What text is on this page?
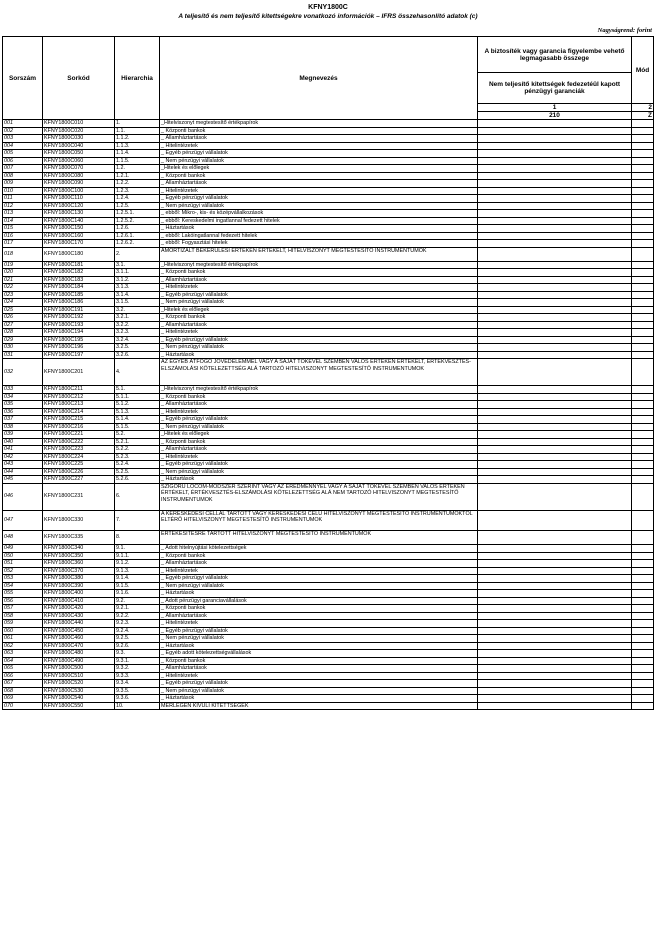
KFNY1800C
A teljesítő és nem teljesítő kitettségekre vonatkozó információk – IFRS összehasonlító adatok (c)
Nagyságrend: forint
Sorszám	Sorkód	Hierarchia	Megnevezés	A biztosíték vagy garancia figyelembe vehető legmagasabb összege	Mód
				Nem teljesítő kitettségek fedezetéül kapott pénzügyi garanciák	
				1	2
				210	Z
001	KFNY1800C010	1.	_Hitelviszonyt megtestesítő értékpapírok		
002	KFNY1800C020	1.1.	_ Központi bankok		
003	KFNY1800C030	1.1.2.	_ Államháztartások		
004	KFNY1800C040	1.1.3.	_ Hitelintézetek		
005	KFNY1800C050	1.1.4.	_ Egyéb pénzügyi vállalatok		
006	KFNY1800C060	1.1.5.	_ Nem pénzügyi vállalatok		
007	KFNY1800C070	1.2.	_Hitelek és előlegek		
008	KFNY1800C080	1.2.1.	_ Központi bankok		
009	KFNY1800C090	1.2.2.	_ Államháztartások		
010	KFNY1800C100	1.2.3.	_ Hitelintézetek		
011	KFNY1800C110	1.2.4.	_ Egyéb pénzügyi vállalatok		
012	KFNY1800C120	1.2.5.	_ Nem pénzügyi vállalatok		
013	KFNY1800C130	1.2.5.1.	_ ebből: Mikro-, kis- és középvállalkozások		
014	KFNY1800C140	1.2.5.2.	_ ebből: Kereskedelmi ingatlannal fedezett hitelek		
015	KFNY1800C150	1.2.6.	_ Háztartások		
016	KFNY1800C160	1.2.6.1.	_ ebből: Lakóingatlannal fedezett hitelek		
017	KFNY1800C170	1.2.6.2.	_ ebből: Fogyasztási hitelek		
018	KFNY1800C180	2.	AMORTIZÁLT BEKERÜLÉSI ÉRTÉKEN ÉRTÉKELT, HITELVISZONYT MEGTESTESÍTŐ INSTRUMENTUMOK		
019	KFNY1800C181	3.1.	_Hitelviszonyt megtestesítő értékpapírok		
020	KFNY1800C182	3.1.1.	_ Központi bankok		
021	KFNY1800C183	3.1.2.	_ Államháztartások		
022	KFNY1800C184	3.1.3.	_ Hitelintézetek		
023	KFNY1800C185	3.1.4.	_ Egyéb pénzügyi vállalatok		
024	KFNY1800C186	3.1.5.	_ Nem pénzügyi vállalatok		
025	KFNY1800C191	3.2.	_Hitelek és előlegek		
026	KFNY1800C192	3.2.1.	_ Központi bankok		
027	KFNY1800C193	3.2.2.	_ Államháztartások		
028	KFNY1800C194	3.2.3.	_ Hitelintézetek		
029	KFNY1800C195	3.2.4.	_ Egyéb pénzügyi vállalatok		
030	KFNY1800C196	3.2.5.	_ Nem pénzügyi vállalatok		
031	KFNY1800C197	3.2.6.	_ Háztartások		
032	KFNY1800C201	4.	AZ EGYÉB ÁTFOGÓ JÖVEDELEMMEL VAGY A SAJÁT TŐKÉVEL SZEMBEN VALÓS ÉRTÉKEN ÉRTÉKELT, ÉRTÉKVESZTÉS-ELSZÁMOLÁSI KÖTELEZETTSÉG ALÁ TARTOZÓ HITELVISZONYT MEGTESTESÍTŐ INSTRUMENTUMOK		
033	KFNY1800C211	5.1.	_Hitelviszonyt megtestesítő értékpapírok		
034	KFNY1800C212	5.1.1.	_ Központi bankok		
035	KFNY1800C213	5.1.2.	_ Államháztartások		
036	KFNY1800C214	5.1.3.	_ Hitelintézetek		
037	KFNY1800C215	5.1.4.	_ Egyéb pénzügyi vállalatok		
038	KFNY1800C216	5.1.5.	_ Nem pénzügyi vállalatok		
039	KFNY1800C221	5.2.	_Hitelek és előlegek		
040	KFNY1800C222	5.2.1.	_ Központi bankok		
041	KFNY1800C223	5.2.2.	_ Államháztartások		
042	KFNY1800C224	5.2.3.	_ Hitelintézetek		
043	KFNY1800C225	5.2.4.	_ Egyéb pénzügyi vállalatok		
044	KFNY1800C226	5.2.5.	_ Nem pénzügyi vállalatok		
045	KFNY1800C227	5.2.6.	_ Háztartások		
046	KFNY1800C231	6.	SZIGORÚ LOCOM-MÓDSZER SZERINT VAGY AZ EREDMÉNNYEL VAGY A SAJÁT TŐKÉVEL SZEMBEN VALÓS ÉRTÉKEN ÉRTÉKELT, ÉRTÉKVESZTÉS-ELSZÁMOLÁSI KÖTELEZETTSÉG ALÁ NEM TARTOZÓ HITELVISZONYT MEGTESTESÍTŐ INSTRUMENTUMOK		
047	KFNY1800C330	7.	A KERESKEDÉSI CÉLLAL TARTOTT VAGY KERESKEDÉSI CÉLÚ HITELVISZONYT MEGTESTESÍTŐ INSTRUMENTUMOKTÓL ELTÉRŐ HITELVISZONYT MEGTESTESÍTŐ INSTRUMENTUMOK		
048	KFNY1800C335	8.	ÉRTÉKESÍTÉSRE TARTOTT HITELVISZONYT MEGTESTESÍTŐ INSTRUMENTUMOK		
049	KFNY1800C340	9.1.	_ Adott hitelnyújtási kötelezettségek		
050	KFNY1800C350	9.1.1.	_ Központi bankok		
051	KFNY1800C360	9.1.2.	_ Államháztartások		
052	KFNY1800C370	9.1.3.	_ Hitelintézetek		
053	KFNY1800C380	9.1.4.	_ Egyéb pénzügyi vállalatok		
054	KFNY1800C390	9.1.5.	_ Nem pénzügyi vállalatok		
055	KFNY1800C400	9.1.6.	_ Háztartások		
056	KFNY1800C410	9.2.	_ Adott pénzügyi garanciavállalások		
057	KFNY1800C420	9.2.1.	_ Központi bankok		
058	KFNY1800C430	9.2.2.	_ Államháztartások		
059	KFNY1800C440	9.2.3.	_ Hitelintézetek		
060	KFNY1800C450	9.2.4.	_ Egyéb pénzügyi vállalatok		
061	KFNY1800C460	9.2.5.	_ Nem pénzügyi vállalatok		
062	KFNY1800C470	9.2.6.	_ Háztartások		
063	KFNY1800C480	9.3.	_ Egyéb adott kötelezettségvállalások		
064	KFNY1800C490	9.3.1.	_ Központi bankok		
065	KFNY1800C500	9.3.2.	_ Államháztartások		
066	KFNY1800C510	9.3.3.	_ Hitelintézetek		
067	KFNY1800C520	9.3.4.	_ Egyéb pénzügyi vállalatok		
068	KFNY1800C530	9.3.5.	_ Nem pénzügyi vállalatok		
069	KFNY1800C540	9.3.6.	_ Háztartások		
070	KFNY1800C550	10.	MÉRLEGEN KÍVÜLI KITETTSÉGEK		
